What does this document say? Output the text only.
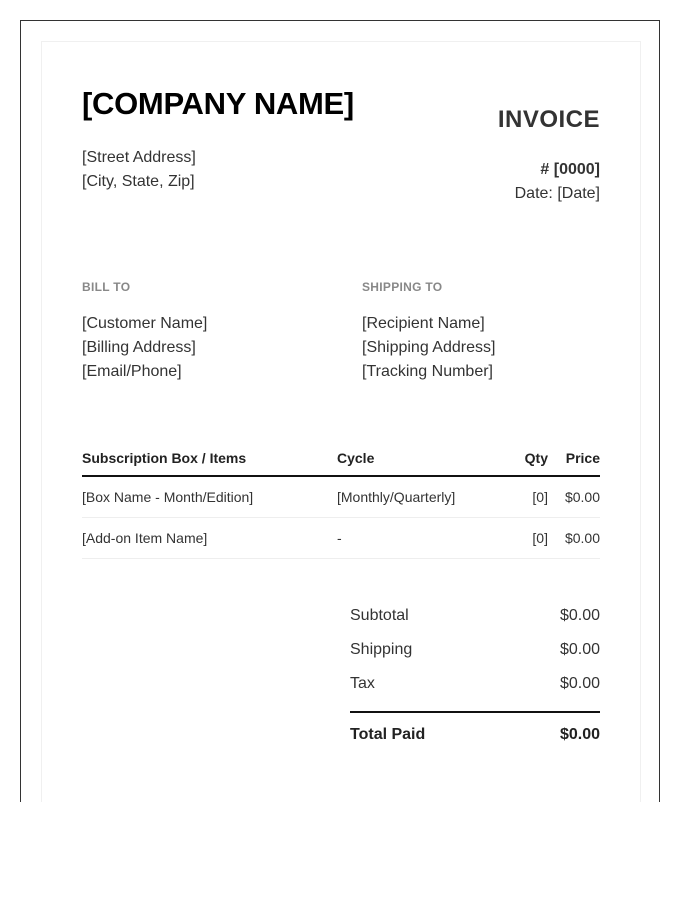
[COMPANY NAME]
[Street Address]
[City, State, Zip]
INVOICE
# [0000]
Date: [Date]
BILL TO
[Customer Name]
[Billing Address]
[Email/Phone]
SHIPPING TO
[Recipient Name]
[Shipping Address]
[Tracking Number]
Subscription Box / Items	Cycle	Qty	Price
[Box Name - Month/Edition]	[Monthly/Quarterly]	[0]	$0.00
[Add-on Item Name]	-	[0]	$0.00
Subtotal	$0.00
Shipping	$0.00
Tax	$0.00
Total Paid	$0.00
